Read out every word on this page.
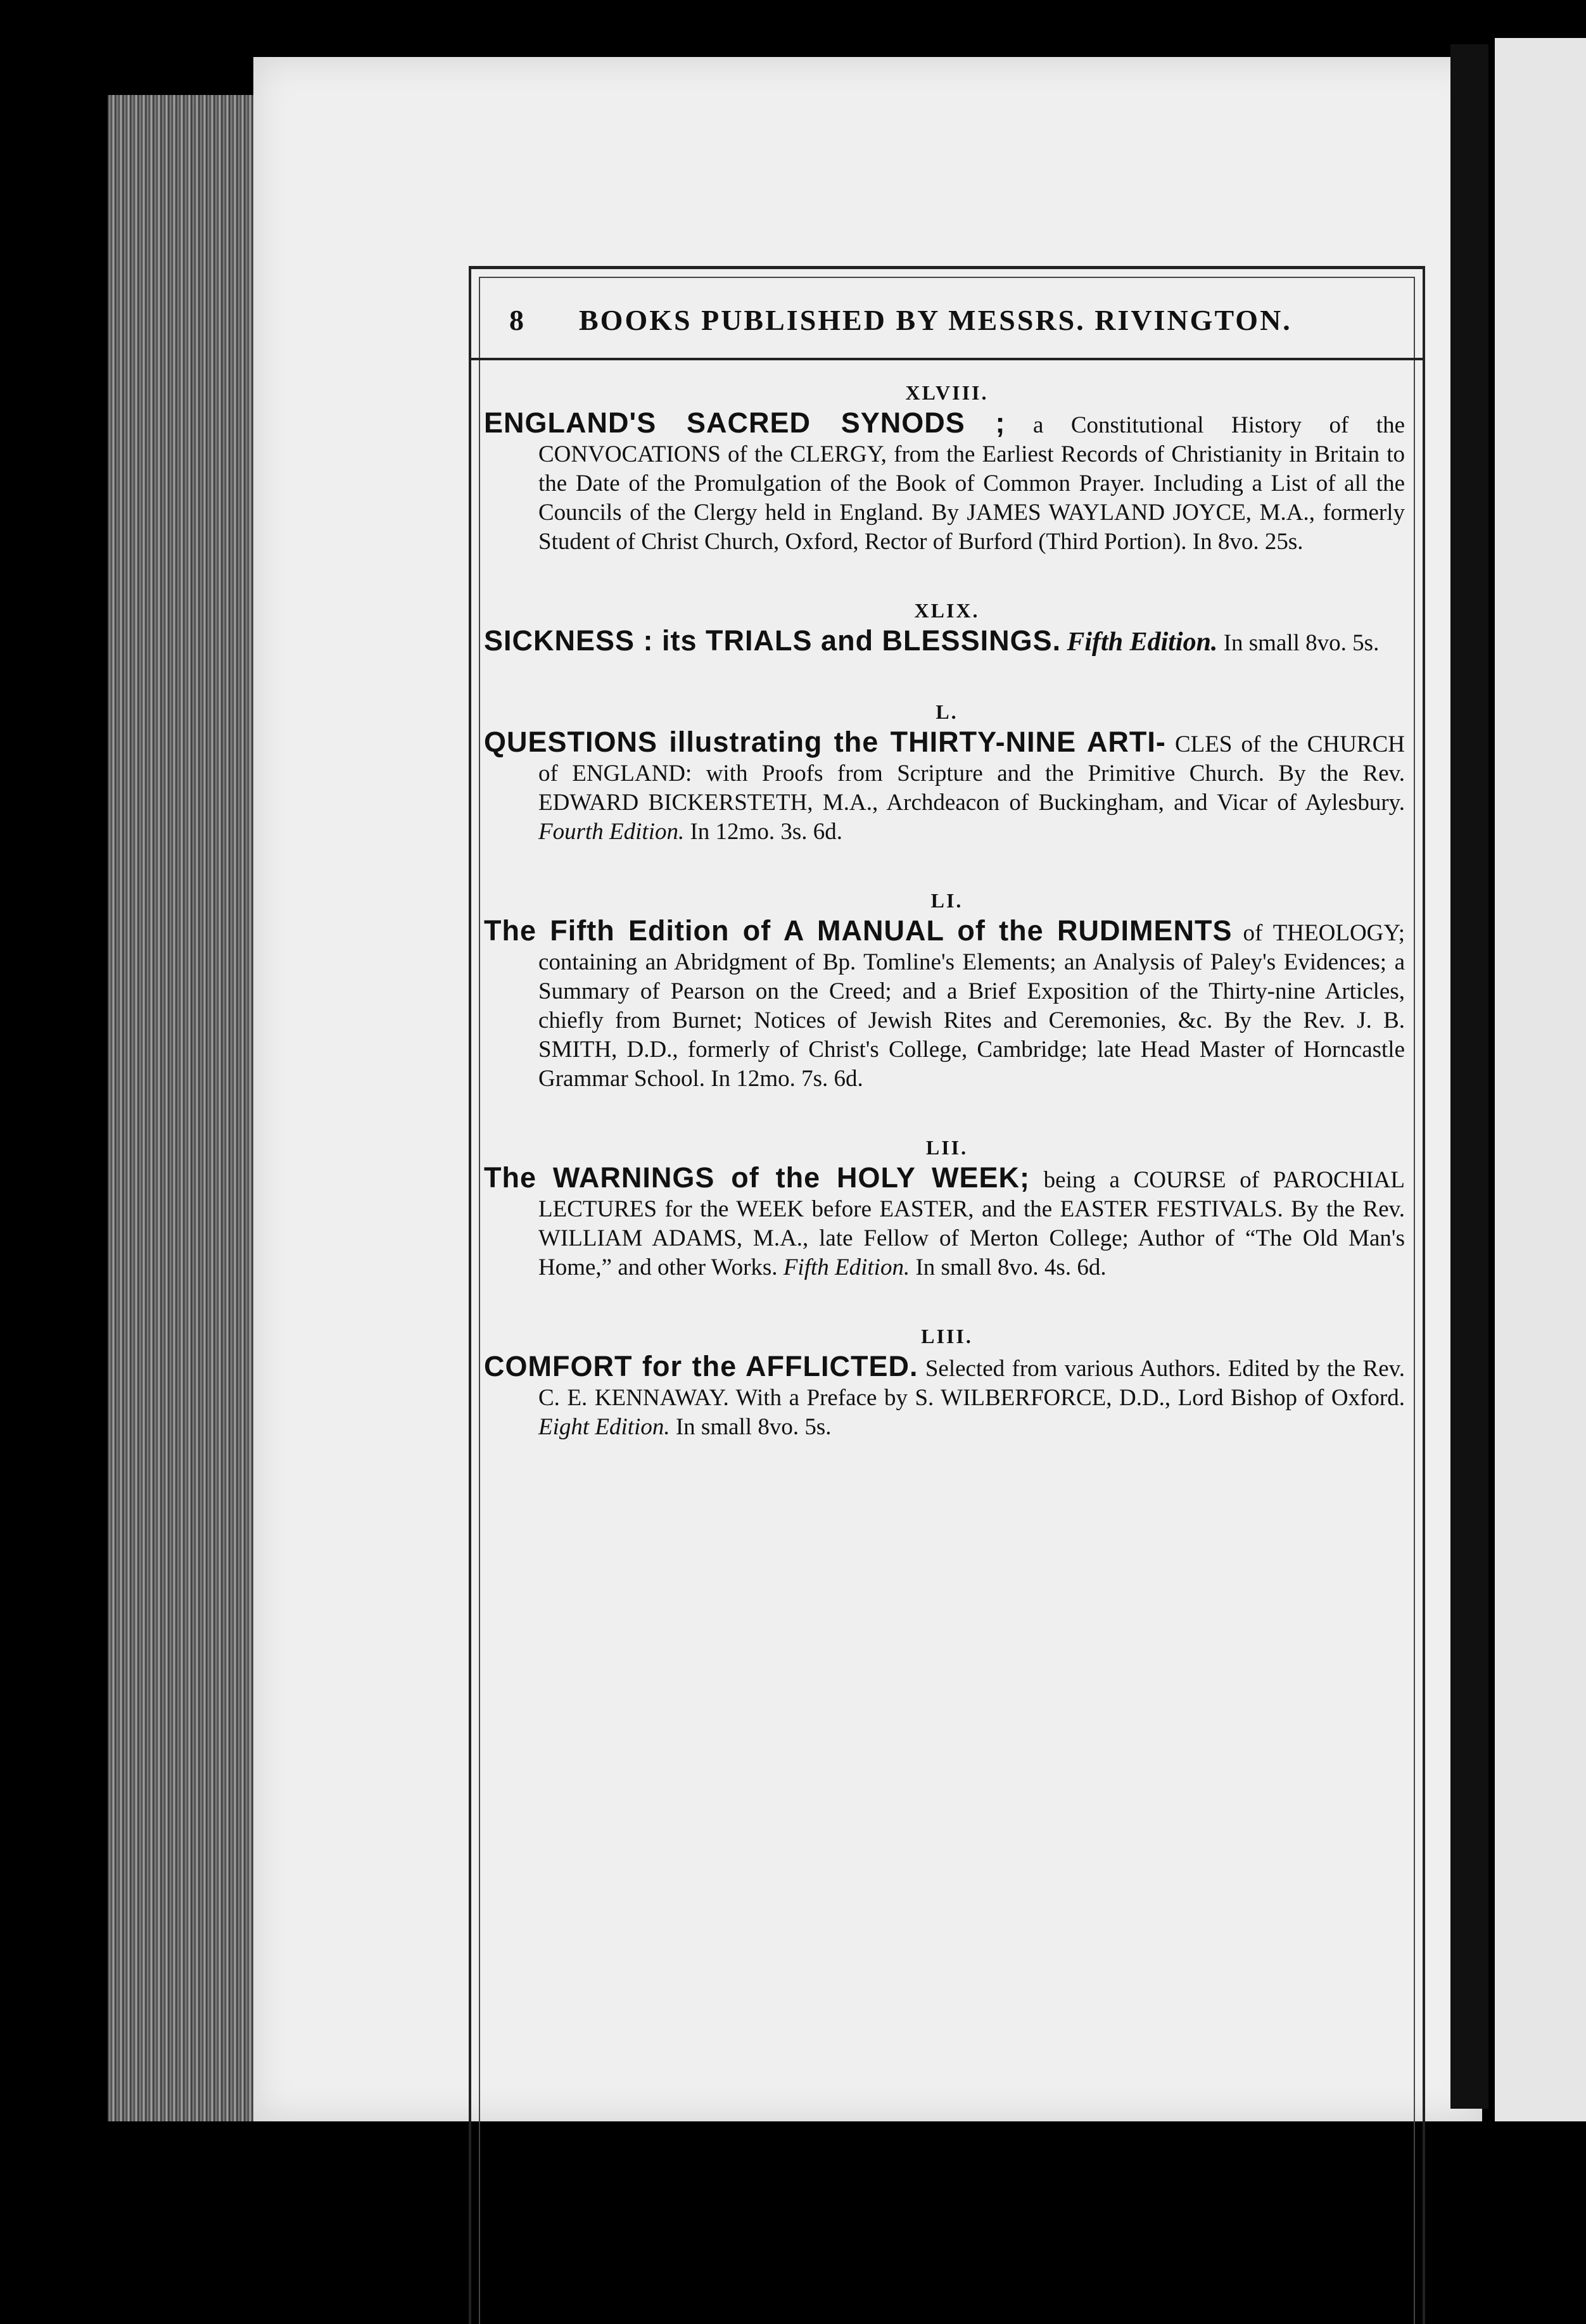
8	BOOKS PUBLISHED BY MESSRS. RIVINGTON.
XLVIII.
ENGLAND'S SACRED SYNODS ; a Constitutional History of the CONVOCATIONS of the CLERGY, from the Earliest Records of Christianity in Britain to the Date of the Promulgation of the Book of Common Prayer. Including a List of all the Councils of the Clergy held in England. By JAMES WAYLAND JOYCE, M.A., formerly Student of Christ Church, Oxford, Rector of Burford (Third Portion). In 8vo. 25s.
XLIX.
SICKNESS : its TRIALS and BLESSINGS. Fifth Edition. In small 8vo. 5s.
L.
QUESTIONS illustrating the THIRTY-NINE ARTI- CLES of the CHURCH of ENGLAND: with Proofs from Scripture and the Primitive Church. By the Rev. EDWARD BICKERSTETH, M.A., Archdeacon of Buckingham, and Vicar of Aylesbury. Fourth Edition. In 12mo. 3s. 6d.
LI.
The Fifth Edition of A MANUAL of the RUDIMENTS of THEOLOGY; containing an Abridgment of Bp. Tomline's Elements; an Analysis of Paley's Evidences; a Summary of Pearson on the Creed; and a Brief Exposition of the Thirty-nine Articles, chiefly from Burnet; Notices of Jewish Rites and Ceremonies, &c. By the Rev. J. B. SMITH, D.D., formerly of Christ's College, Cambridge; late Head Master of Horncastle Grammar School. In 12mo. 7s. 6d.
LII.
The WARNINGS of the HOLY WEEK; being a COURSE of PAROCHIAL LECTURES for the WEEK before EASTER, and the EASTER FESTIVALS. By the Rev. WILLIAM ADAMS, M.A., late Fellow of Merton College; Author of “The Old Man's Home,” and other Works. Fifth Edition. In small 8vo. 4s. 6d.
LIII.
COMFORT for the AFFLICTED. Selected from various Authors. Edited by the Rev. C. E. KENNAWAY. With a Preface by S. WILBERFORCE, D.D., Lord Bishop of Oxford. Eight Edition. In small 8vo. 5s.
